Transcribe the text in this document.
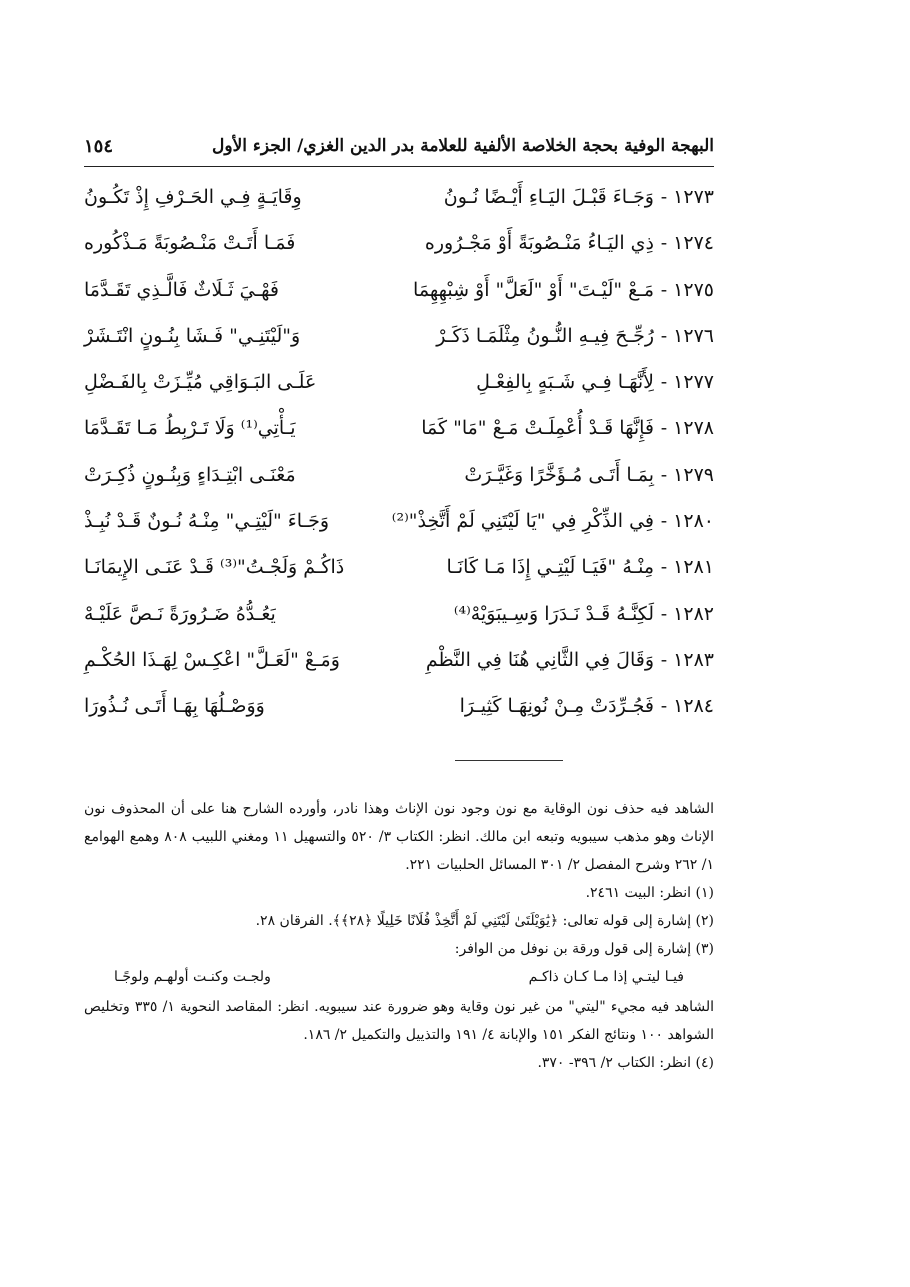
البهجة الوفية بحجة الخلاصة الألفية للعلامة بدر الدين الغزي/ الجزء الأول
١٥٤
١٢٧٣ -
وَجَـاءَ قَبْـلَ اليَـاءِ أَيْـضًا نُـونُ
وِقَايَـةٍ فِـي الحَـرْفِ إِذْ تَكُـونُ
١٢٧٤ -
ذِي اليَـاءُ مَنْـصُوبَةً أَوْ مَجْـرُوره
فَمَـا أَتَـتْ مَنْـصُوبَةً مَـذْكُوره
١٢٧٥ -
مَـعْ "لَيْـتَ" أَوْ "لَعَلَّ" أَوْ شِبْهِهِمَا
فَهْـيَ ثَـلَاثٌ فَالَّـذِي تَقَـدَّمَا
١٢٧٦ -
رُجِّـحَ فِيـهِ النُّـونُ مِثْلَمَـا ذَكَـرْ
وَ"لَيْتَنِـي" فَـشَا بِنُـونٍ انْتَـشَرْ
١٢٧٧ -
لِأَنَّهَـا فِـي شَـبَهٍ بِالفِعْـلِ
عَلَـى البَـوَاقِي مُيِّـزَتْ بِالفَـضْلِ
١٢٧٨ -
فَإِنَّهَا قَـدْ أُعْمِلَـتْ مَـعْ "مَا" كَمَا
يَـأْتِي⁽¹⁾ وَلَا تَـرْبِطُ مَـا تَقَـدَّمَا
١٢٧٩ -
بِمَـا أَتَـى مُـؤَخَّرًا وَغَيَّـرَتْ
مَعْنَـى ابْتِـدَاءٍ وَبِنُـونٍ ذُكِـرَتْ
١٢٨٠ -
فِي الذِّكْرِ فِي "يَا لَيْتَنِي لَمْ أَتَّخِذْ"⁽²⁾
وَجَـاءَ "لَيْتِـي" مِنْـهُ نُـونٌ قَـدْ نُبِـذْ
١٢٨١ -
مِنْـهُ "فَيَـا لَيْتِـي إِذَا مَـا كَانَـا
ذَاكُـمْ وَلَجْـتُ"⁽³⁾ قَـدْ عَنَـى الإِيمَانَـا
١٢٨٢ -
لَكِنَّـهُ قَـدْ نَـدَرَا وَسِـيبَوَيْهْ⁽⁴⁾
يَعُـدُّهُ ضَـرُورَةً نَـصَّ عَلَيْـهْ
١٢٨٣ -
وَقَالَ فِي الثَّانِي هُنَا فِي النَّظْمِ
وَمَـعْ "لَعَـلَّ" اعْكِـسْ لِهَـذَا الحُكْـمِ
١٢٨٤ -
فَجُـرِّدَتْ مِـنْ نُونِهَـا كَثِيـرَا
وَوَصْـلُهَا بِهَـا أَتَـى نُـذُورَا

الشاهد فيه حذف نون الوقاية مع نون وجود نون الإناث وهذا نادر، وأورده الشارح هنا على أن المحذوف نون الإناث وهو مذهب سيبويه وتبعه ابن مالك. انظر: الكتاب ٣/ ٥٢٠ والتسهيل ١١ ومغني اللبيب ٨٠٨ وهمع الهوامع ١/ ٢٦٢ وشرح المفصل ٢/ ٣٠١ المسائل الحلبيات ٢٢١.

(١) انظر: البيت ٢٤٦١.

(٢) إشارة إلى قوله تعالى: ﴿يَٰوَيْلَتَىٰ لَيْتَنِي لَمْ أَتَّخِذْ فُلَانًا خَلِيلًا ﴿٢٨﴾﴾. الفرقان ٢٨.

(٣) إشارة إلى قول ورقة بن نوفل من الوافر:

فيـا ليتـي إذا مـا كـان ذاكـم
ولجـت وكنـت أولهـم ولوجًـا

الشاهد فيه مجيء "ليتي" من غير نون وقاية وهو ضرورة عند سيبويه. انظر: المقاصد النحوية ١/ ٣٣٥ وتخليص الشواهد ١٠٠ ونتائج الفكر ١٥١ والإبانة ٤/ ١٩١ والتذييل والتكميل ٢/ ١٨٦.

(٤) انظر: الكتاب ٢/ ٣٩٦- ٣٧٠.
